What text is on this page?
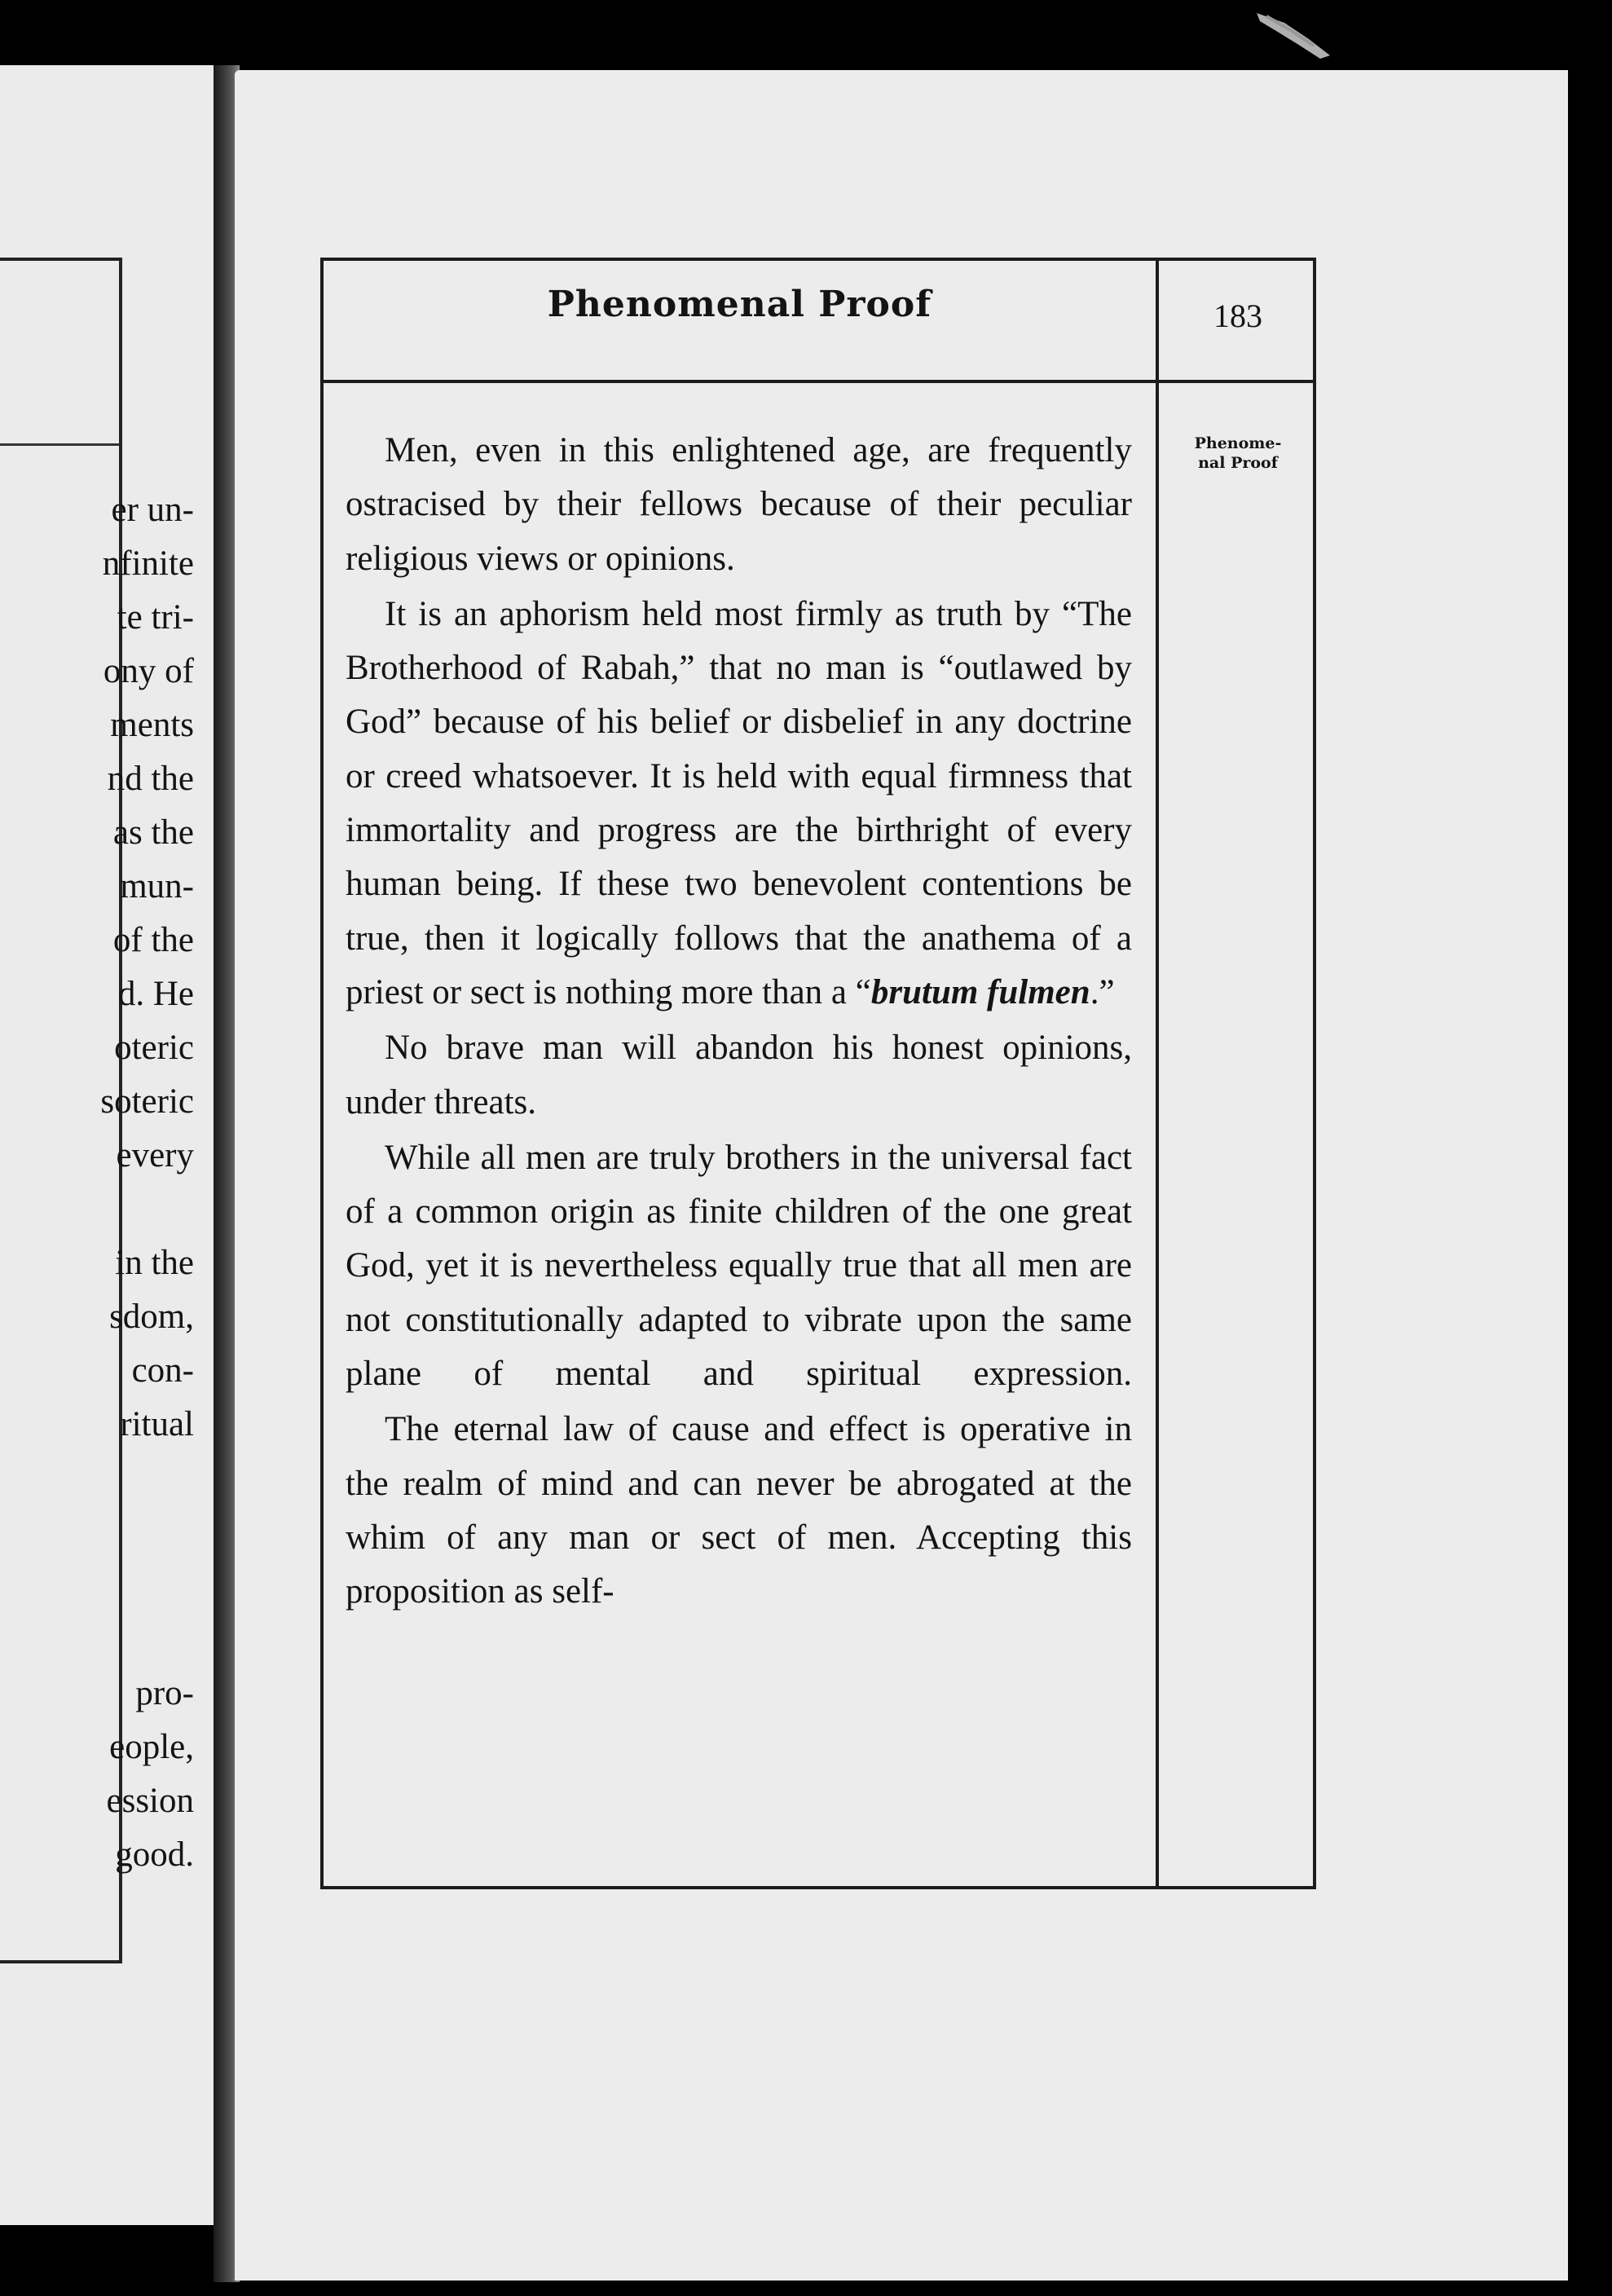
er un-
nfinite
te tri-
ony of
ments
nd the
as the
mun-
of the
d. He
oteric
soteric
every
in the
sdom,
con-
ritual
pro-
eople,
ession
good.
Phenomenal Proof	183
Phenome-
nal Proof

Men, even in this enlightened age, are frequently ostracised by their fellows because of their peculiar religious views or opinions.

It is an aphorism held most firmly as truth by “The Brotherhood of Rabah,” that no man is “outlawed by God” because of his belief or disbelief in any doctrine or creed whatsoever. It is held with equal firmness that immortality and progress are the birthright of every human being. If these two benevolent contentions be true, then it logically follows that the anathema of a priest or sect is nothing more than a “brutum fulmen.”

No brave man will abandon his honest opinions, under threats.

While all men are truly brothers in the universal fact of a common origin as finite children of the one great God, yet it is nevertheless equally true that all men are not constitutionally adapted to vibrate upon the same plane of mental and spiritual expression.

The eternal law of cause and effect is operative in the realm of mind and can never be abrogated at the whim of any man or sect of men. Accepting this proposition as self-
